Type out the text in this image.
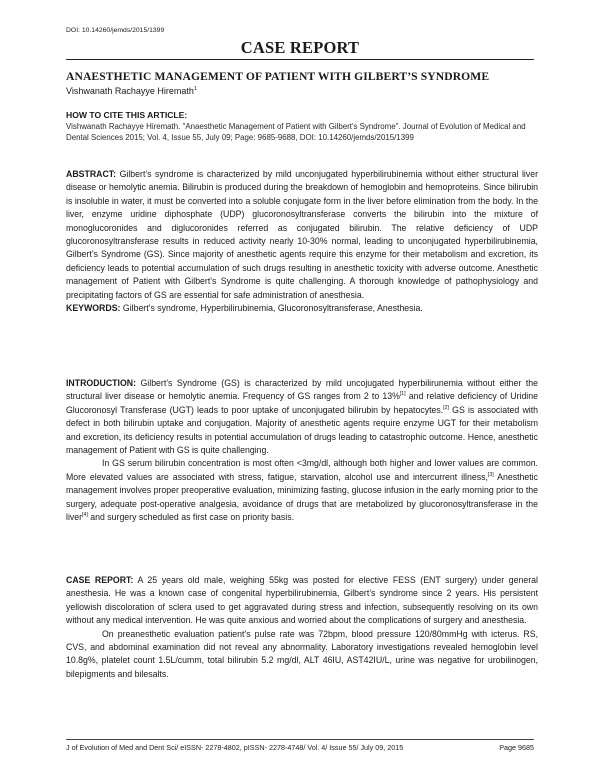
DOI: 10.14260/jemds/2015/1399
CASE REPORT
ANAESTHETIC MANAGEMENT OF PATIENT WITH GILBERT’S SYNDROME
Vishwanath Rachayye Hiremath$^1$
HOW TO CITE THIS ARTICLE:
Vishwanath Rachayye Hiremath. "Anaesthetic Management of Patient with Gilbert's Syndrome". Journal of Evolution of Medical and Dental Sciences 2015; Vol. 4, Issue 55, July 09; Page: 9685-9688, DOI: 10.14260/jemds/2015/1399

ABSTRACT: Gilbert’s syndrome is characterized by mild unconjugated hyperbilirubinemia without either structural liver disease or hemolytic anemia. Bilirubin is produced during the breakdown of hemoglobin and hemoproteins. Since bilirubin is insoluble in water, it must be converted into a soluble conjugate form in the liver before elimination from the body. In the liver, enzyme uridine diphosphate (UDP) glucoronosyltransferase converts the bilirubin into the mixture of monoglucoronides and diglucoronides referred as conjugated bilirubin. The relative deficiency of UDP glucoronosyltransferase results in reduced activity nearly 10-30% normal, leading to unconjugated hyperbilirubinemia, Gilbert’s Syndrome (GS). Since majority of anesthetic agents require this enzyme for their metabolism and excretion, its deficiency leads to potential accumulation of such drugs resulting in anesthetic toxicity with adverse outcome. Anesthetic management of Patient with Gilbert’s Syndrome is quite challenging. A thorough knowledge of pathophysiology and precipitating factors of GS are essential for safe administration of anesthesia.

KEYWORDS: Gilbert’s syndrome, Hyperbilirubinemia, Glucoronosyltransferase, Anesthesia.

INTRODUCTION: Gilbert’s Syndrome (GS) is characterized by mild uncojugated hyperbilirunemia without either the structural liver disease or hemolytic anemia. Frequency of GS ranges from 2 to 13%[1] and relative deficiency of Uridine Glucoronosyl Transferase (UGT) leads to poor uptake of unconjugated bilirubin by hepatocytes.[2] GS is associated with defect in both bilirubin uptake and conjugation. Majority of anesthetic agents require enzyme UGT for their metabolism and excretion, its deficiency results in potential accumulation of drugs leading to catastrophic outcome. Hence, anesthetic management of Patient with GS is quite challenging.

In GS serum bilirubin concentration is most often <3mg/dl, although both higher and lower values are common. More elevated values are associated with stress, fatigue, starvation, alcohol use and intercurrent illness,[3] Anesthetic management involves proper preoperative evaluation, minimizing fasting, glucose infusion in the early morning prior to the surgery, adequate post-operative analgesia, avoidance of drugs that are metabolized by glucoronosyltransferase in the liver[4] and surgery scheduled as first case on priority basis.

CASE REPORT: A 25 years old male, weighing 55kg was posted for elective FESS (ENT surgery) under general anesthesia. He was a known case of congenital hyperbilirubinemia, Gilbert’s syndrome since 2 years. His persistent yellowish discoloration of sclera used to get aggravated during stress and infection, subsequently resolving on its own without any medical intervention. He was quite anxious and worried about the complications of surgery and anesthesia.

On preanesthetic evaluation patient’s pulse rate was 72bpm, blood pressure 120/80mmHg with icterus. RS, CVS, and abdominal examination did not reveal any abnormality. Laboratory investigations revealed hemoglobin level 10.8g%, platelet count 1.5L/cumm, total bilirubin 5.2 mg/dl, ALT 46IU, AST42IU/L, urine was negative for urobilinogen, bilepigments and bilesalts.

J of Evolution of Med and Dent Sci/ eISSN- 2278-4802, pISSN- 2278-4748/ Vol. 4/ Issue 55/ July 09, 2015	Page 9685
